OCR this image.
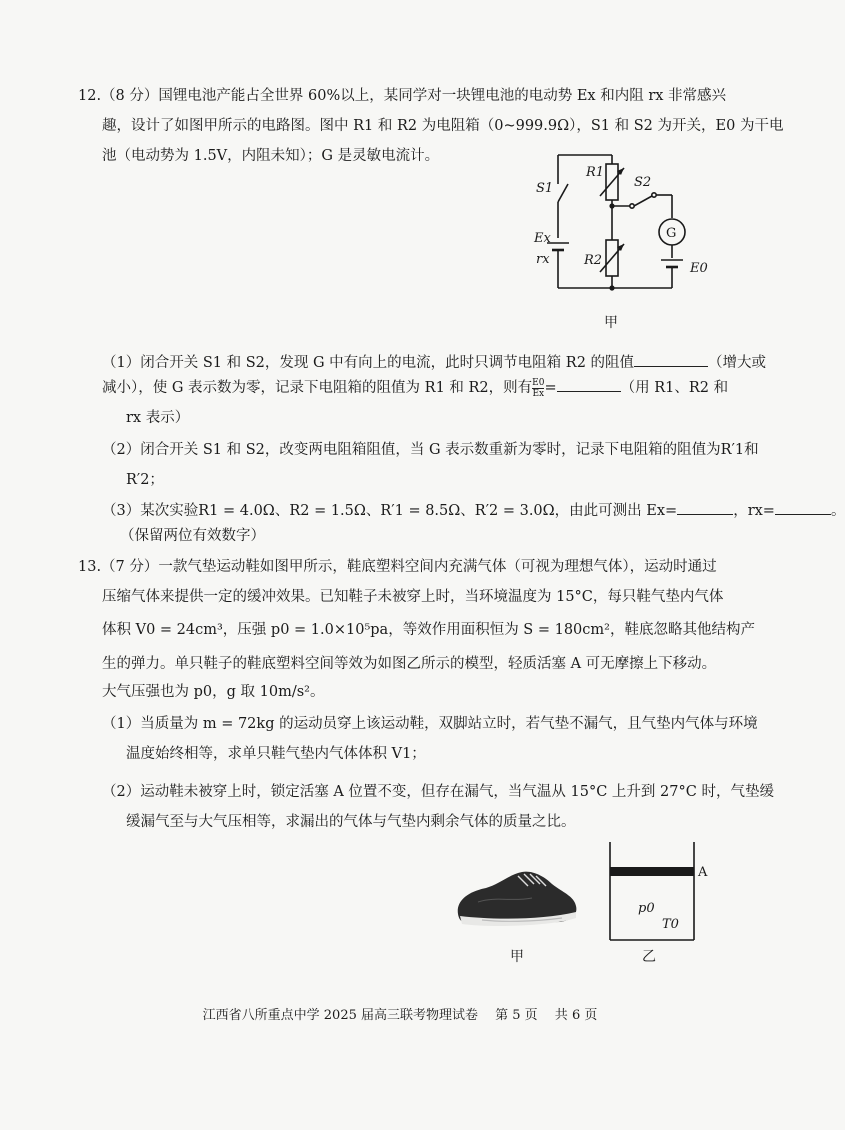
12.（8 分）国锂电池产能占全世界 60%以上，某同学对一块锂电池的电动势 Ex 和内阻 rx 非常感兴
趣，设计了如图甲所示的电路图。图中 R1 和 R2 为电阻箱（0~999.9Ω），S1 和 S2 为开关，E0 为干电
池（电动势为 1.5V，内阻未知）；G 是灵敏电流计。
S1
R1
S2
G
Ex
rx	R2
E0
甲
（1）闭合开关 S1 和 S2，发现 G 中有向上的电流，此时只调节电阻箱 R2 的阻值	（增大或
减小），使 G 表示数为零，记录下电阻箱的阻值为 R1 和 R2，则有 $\frac{E0}{Ex}$ =	（用 R1、R2 和
rx 表示）
（2）闭合开关 S1 和 S2，改变两电阻箱阻值，当 G 表示数重新为零时，记录下电阻箱的阻值为R′1和
R′2；
（3）某次实验R1 = 4.0Ω、R2 = 1.5Ω、R′1 = 8.5Ω、R′2 = 3.0Ω，由此可测出 Ex=	，rx=	。
（保留两位有效数字）
13.（7 分）一款气垫运动鞋如图甲所示，鞋底塑料空间内充满气体（可视为理想气体），运动时通过
压缩气体来提供一定的缓冲效果。已知鞋子未被穿上时，当环境温度为 15°C，每只鞋气垫内气体
体积 V0 = 24cm³，压强 p0 = 1.0×10⁵pa，等效作用面积恒为 S = 180cm²，鞋底忽略其他结构产
生的弹力。单只鞋子的鞋底塑料空间等效为如图乙所示的模型，轻质活塞 A 可无摩擦上下移动。
大气压强也为 p0，g 取 10m/s²。
（1）当质量为 m = 72kg 的运动员穿上该运动鞋，双脚站立时，若气垫不漏气，且气垫内气体与环境
温度始终相等，求单只鞋气垫内气体体积 V1；
（2）运动鞋未被穿上时，锁定活塞 A 位置不变，但存在漏气，当气温从 15°C 上升到 27°C 时，气垫缓
缓漏气至与大气压相等，求漏出的气体与气垫内剩余气体的质量之比。
甲
A
p0
T0
乙
江西省八所重点中学 2025 届高三联考物理试卷　 第 5 页　 共 6 页
